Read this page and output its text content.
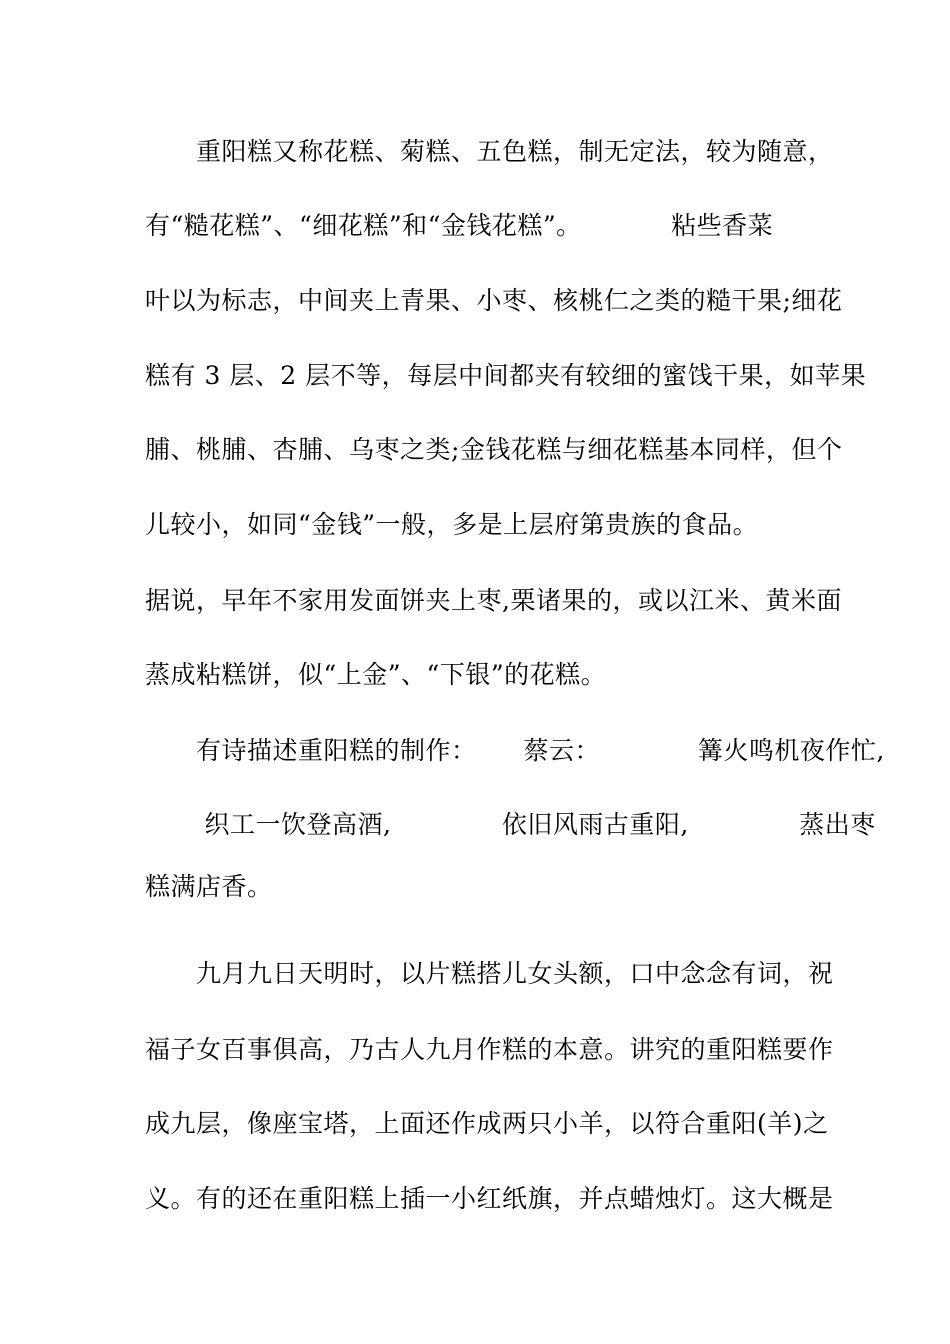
　　重阳糕又称花糕、菊糕、五色糕，制无定法，较为随意，
有“糙花糕”、“细花糕”和“金钱花糕”。　　　　粘些香菜
叶以为标志，中间夹上青果、小枣、核桃仁之类的糙干果;细花
糕有 3 层、2 层不等，每层中间都夹有较细的蜜饯干果，如苹果
脯、桃脯、杏脯、乌枣之类;金钱花糕与细花糕基本同样，但个
儿较小，如同“金钱”一般，多是上层府第贵族的食品。
据说，早年不家用发面饼夹上枣,栗诸果的，或以江米、黄米面
蒸成粘糕饼，似“上金”、“下银”的花糕。
　　有诗描述重阳糕的制作：　　 蔡云：　　　　 篝火鸣机夜作忙,
　　 织工一饮登高酒,　　　　 依旧风雨古重阳,　　　　 蒸出枣
糕满店香。
　　九月九日天明时，以片糕搭儿女头额，口中念念有词，祝
福子女百事俱高，乃古人九月作糕的本意。讲究的重阳糕要作
成九层，像座宝塔，上面还作成两只小羊，以符合重阳(羊)之
义。有的还在重阳糕上插一小红纸旗，并点蜡烛灯。这大概是
